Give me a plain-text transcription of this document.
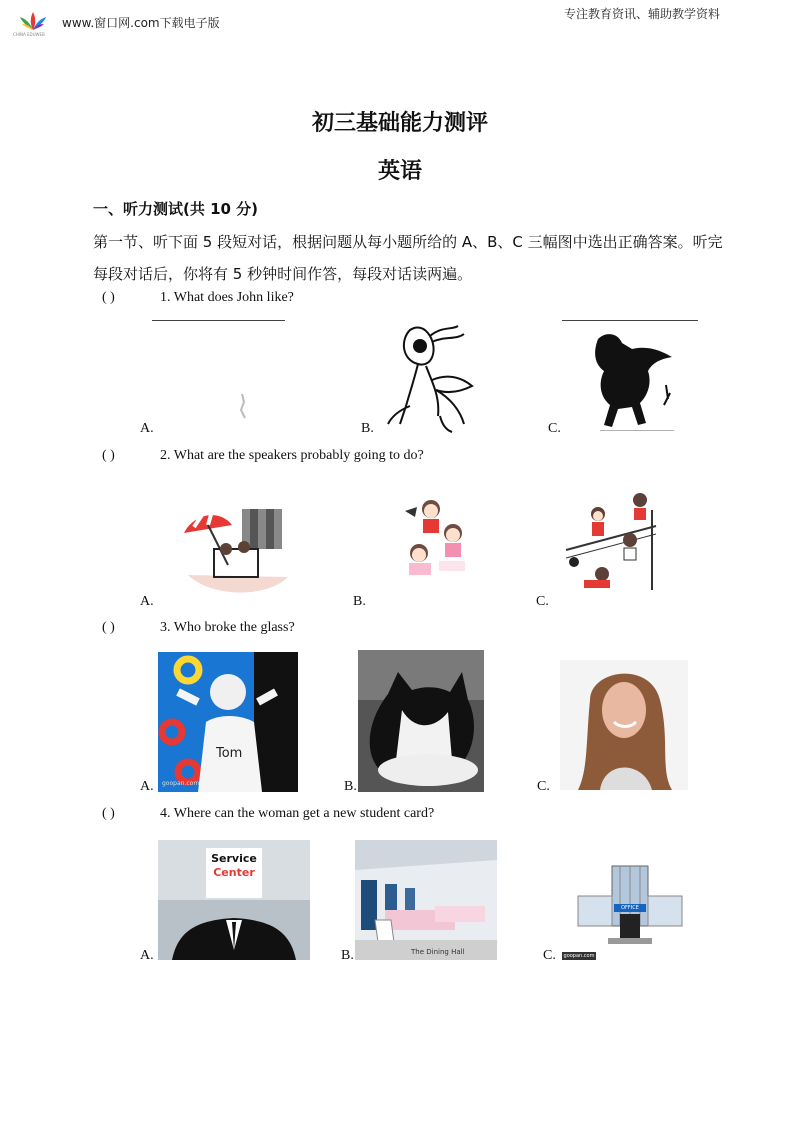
CHINA EDUWEB
www.窗口网.com下载电子版
专注教育资讯、辅助教学资料
初三基础能力测评
英语
一、听力测试(共 10 分)
第一节、听下面 5 段短对话，根据问题从每小题所给的 A、B、C 三幅图中选出正确答案。听完每段对话后，你将有 5 秒钟时间作答，每段对话读两遍。
( )	1. What does John like?
A.	B.	C.
( )	2. What are the speakers probably going to do?
A.	B.	C.
( )	3. Who broke the glass?
A.	B.	C.
Tom
goopan.com
( )	4. Where can the woman get a new student card?
A.	B.	C.
Service
Center
The Dining Hall
OFFICE
goopan.com
